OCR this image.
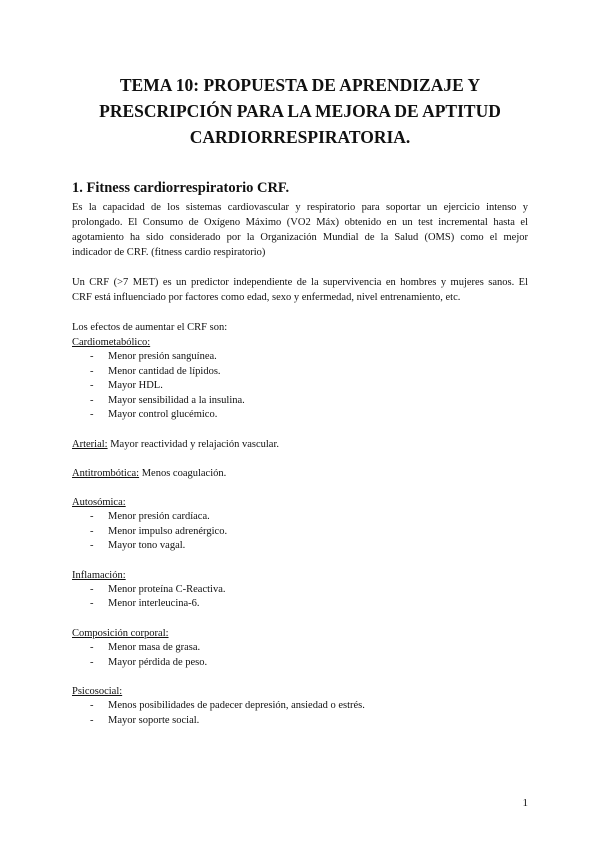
TEMA 10: PROPUESTA DE APRENDIZAJE Y
PRESCRIPCIÓN PARA LA MEJORA DE APTITUD
CARDIORRESPIRATORIA.
1. Fitness cardiorrespiratorio CRF.

Es la capacidad de los sistemas cardiovascular y respiratorio para soportar un ejercicio intenso y
prolongado. El Consumo de Oxígeno Máximo (VO2 Máx) obtenido en un test incremental hasta el
agotamiento ha sido considerado por la Organización Mundial de la Salud (OMS) como el mejor
indicador de CRF. (fitness cardio respiratorio)

Un CRF (>7 MET) es un predictor independiente de la supervivencia en hombres y mujeres sanos. El
CRF está influenciado por factores como edad, sexo y enfermedad, nivel entrenamiento, etc.

Los efectos de aumentar el CRF son:

Cardiometabólico:

- Menor presión sanguínea.
- Menor cantidad de lípidos.
- Mayor HDL.
- Mayor sensibilidad a la insulina.
- Mayor control glucémico.

Arterial: Mayor reactividad y relajación vascular.

Antitrombótica: Menos coagulación.

Autosómica:

- Menor presión cardíaca.
- Menor impulso adrenérgico.
- Mayor tono vagal.

Inflamación:

- Menor proteína C-Reactiva.
- Menor interleucina-6.

Composición corporal:

- Menor masa de grasa.
- Mayor pérdida de peso.

Psicosocial:

- Menos posibilidades de padecer depresión, ansiedad o estrés.
- Mayor soporte social.
1
